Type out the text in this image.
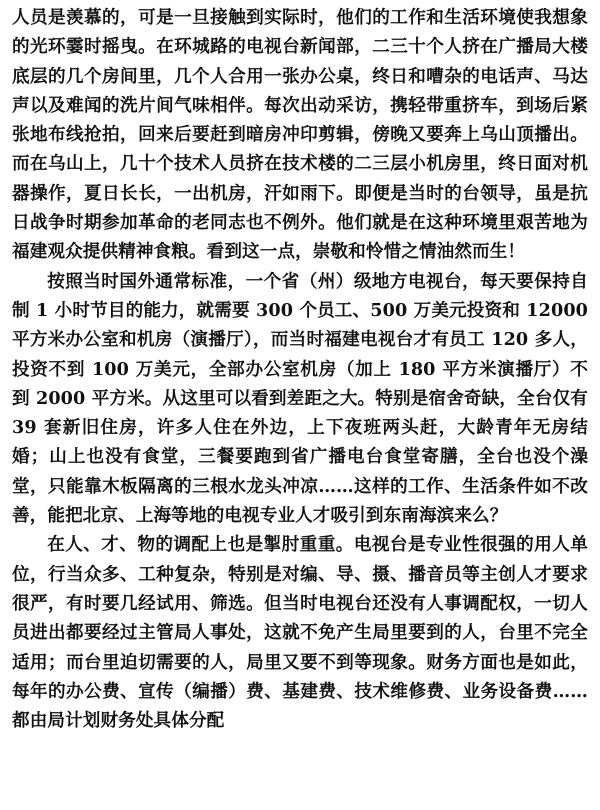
人员是羡慕的，可是一旦接触到实际时，他们的工作和生活环境使我想象的光环霎时摇曳。在环城路的电视台新闻部，二三十个人挤在广播局大楼底层的几个房间里，几个人合用一张办公桌，终日和嘈杂的电话声、马达声以及难闻的洗片间气味相伴。每次出动采访，携轻带重挤车，到场后紧张地布线抢拍，回来后要赶到暗房冲印剪辑，傍晚又要奔上乌山顶播出。而在乌山上，几十个技术人员挤在技术楼的二三层小机房里，终日面对机器操作，夏日长长，一出机房，汗如雨下。即便是当时的台领导，虽是抗日战争时期参加革命的老同志也不例外。他们就是在这种环境里艰苦地为福建观众提供精神食粮。看到这一点，崇敬和怜惜之情油然而生！

按照当时国外通常标准，一个省（州）级地方电视台，每天要保持自制 1 小时节目的能力，就需要 300 个员工、500 万美元投资和 12000 平方米办公室和机房（演播厅），而当时福建电视台才有员工 120 多人，投资不到 100 万美元，全部办公室机房（加上 180 平方米演播厅）不到 2000 平方米。从这里可以看到差距之大。特别是宿舍奇缺，全台仅有 39 套新旧住房，许多人住在外边，上下夜班两头赶，大龄青年无房结婚；山上也没有食堂，三餐要跑到省广播电台食堂寄膳，全台也没个澡堂，只能靠木板隔离的三根水龙头冲凉……这样的工作、生活条件如不改善，能把北京、上海等地的电视专业人才吸引到东南海滨来么？

在人、才、物的调配上也是掣肘重重。电视台是专业性很强的用人单位，行当众多、工种复杂，特别是对编、导、摄、播音员等主创人才要求很严，有时要几经试用、筛选。但当时电视台还没有人事调配权，一切人员进出都要经过主管局人事处，这就不免产生局里要到的人，台里不完全适用；而台里迫切需要的人，局里又要不到等现象。财务方面也是如此，每年的办公费、宣传（编播）费、基建费、技术维修费、业务设备费……都由局计划财务处具体分配
